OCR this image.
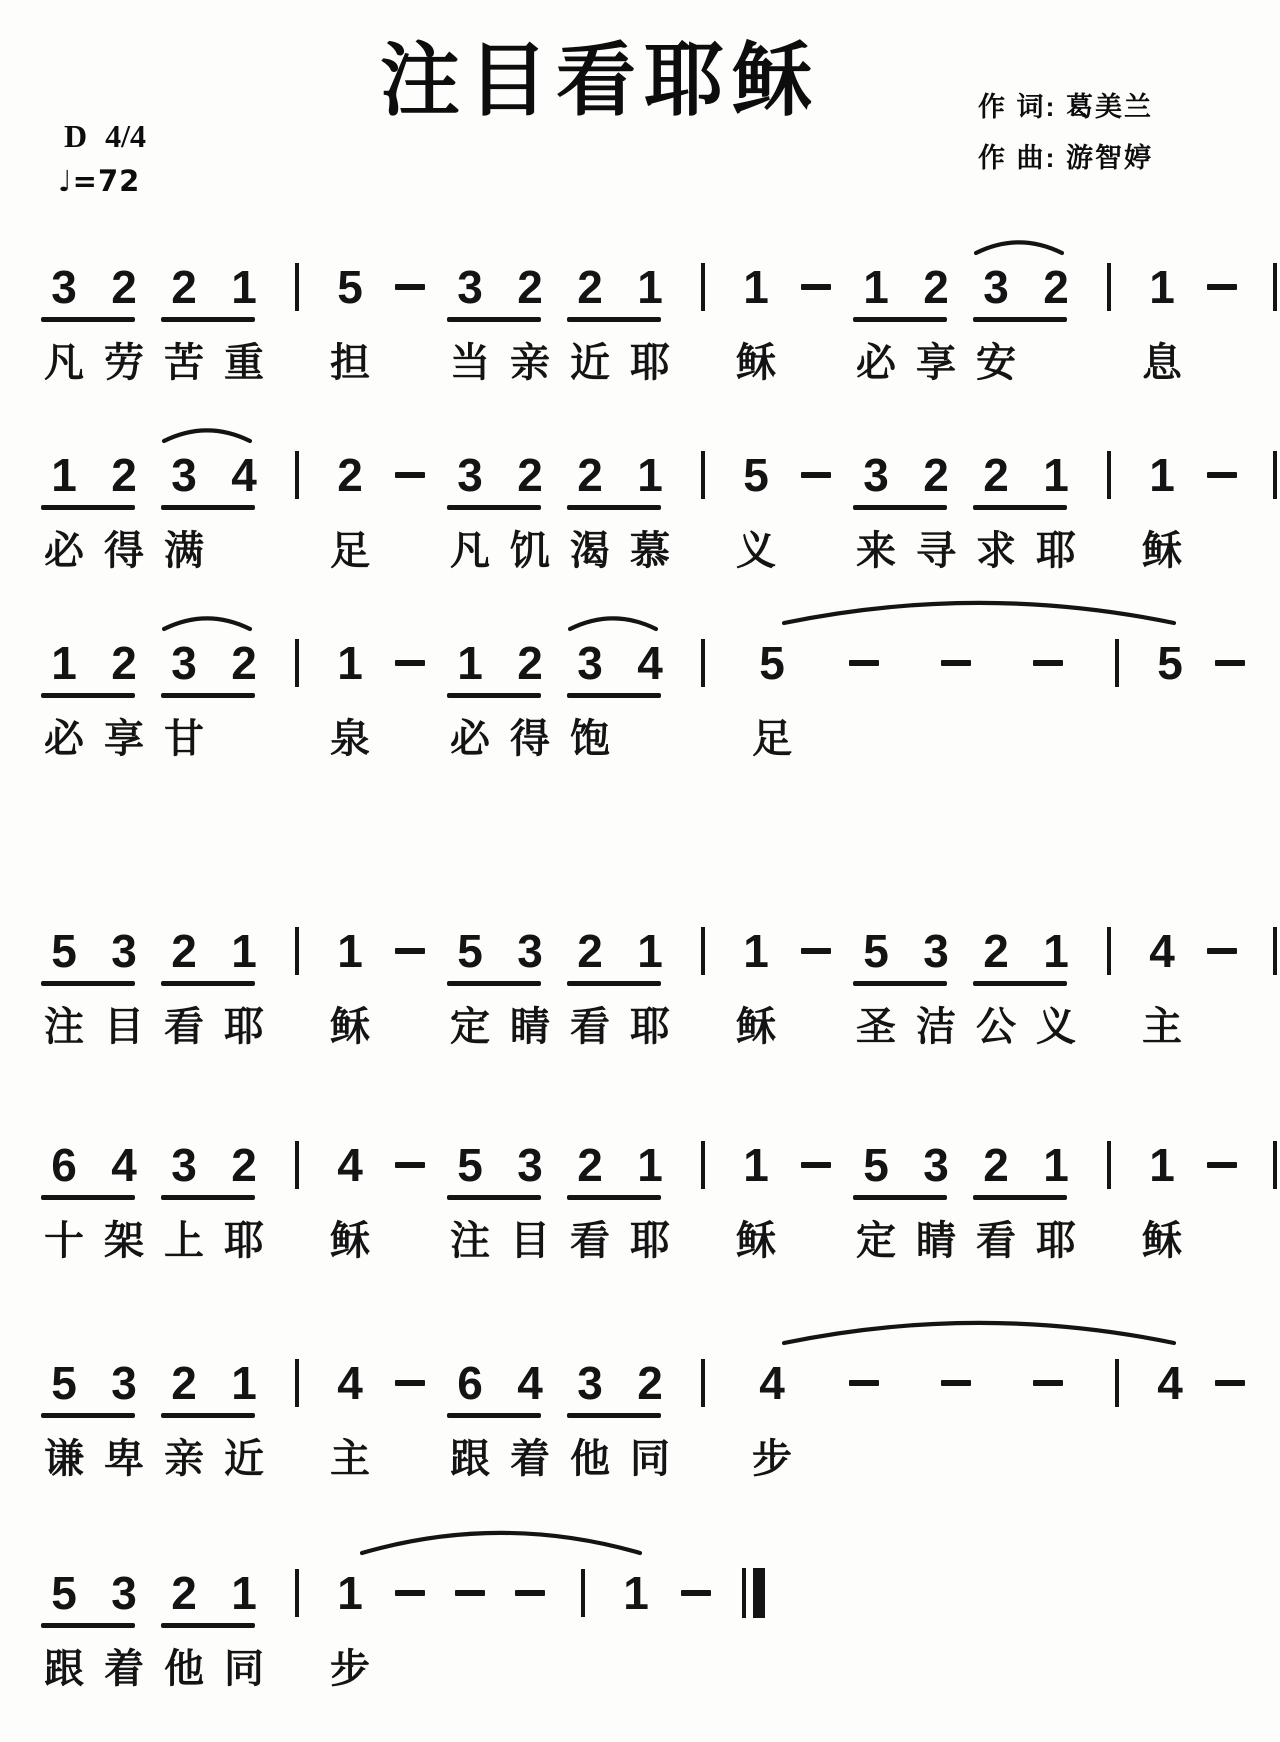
注目看耶稣	作 词: 葛美兰
作 曲: 游智婷
D 4/4
♩=72
3
凡
2
劳
2
苦
1
重

5
担

3
当
2
亲
2
近
1
耶

1
稣

1
必
2
享
3
安
2

1
息

1
必
2
得
3
满
4

2
足

3
凡
2
饥
2
渴
1
慕

5
义

3
来
2
寻
2
求
1
耶

1
稣

1
必
2
享
3
甘
2

1
泉

1
必
2
得
3
饱
4

5
足

5

5
注
3
目
2
看
1
耶

1
稣

5
定
3
睛
2
看
1
耶

1
稣

5
圣
3
洁
2
公
1
义

4
主

6
十
4
架
3
上
2
耶

4
稣

5
注
3
目
2
看
1
耶

1
稣

5
定
3
睛
2
看
1
耶

1
稣

5
谦
3
卑
2
亲
1
近

4
主

6
跟
4
着
3
他
2
同

4
步

4

5
跟
3
着
2
他
1
同

1
步

1
